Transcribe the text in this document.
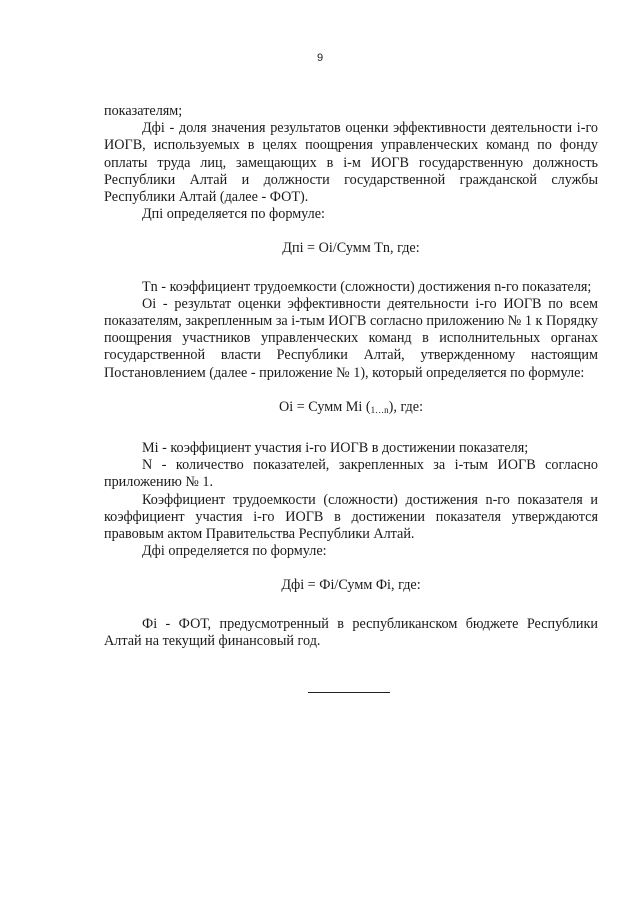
9

показателям;

Дфi - доля значения результатов оценки эффективности деятельности i-го ИОГВ, используемых в целях поощрения управленческих команд по фонду оплаты труда лиц, замещающих в i-м ИОГВ государственную должность Республики Алтай и должности государственной гражданской службы Республики Алтай (далее - ФОТ).

Дпi определяется по формуле:

Дпi = Oi/Сумм Tn, где:

Tn - коэффициент трудоемкости (сложности) достижения n-го показателя;

Oi - результат оценки эффективности деятельности i-го ИОГВ по всем показателям, закрепленным за i-тым ИОГВ согласно приложению № 1 к Порядку поощрения участников управленческих команд в исполнительных органах государственной власти Республики Алтай, утвержденному настоящим Постановлением (далее - приложение № 1), который определяется по формуле:

Oi = Сумм Mi $(_{1\dots n})$, где:

Mi - коэффициент участия i-го ИОГВ в достижении показателя;

N - количество показателей, закрепленных за i-тым ИОГВ согласно приложению № 1.

Коэффициент трудоемкости (сложности) достижения n-го показателя и коэффициент участия i-го ИОГВ в достижении показателя утверждаются правовым актом Правительства Республики Алтай.

Дфi определяется по формуле:

Дфi = Фi/Сумм Фi, где:

Фi - ФОТ, предусмотренный в республиканском бюджете Республики Алтай на текущий финансовый год.
